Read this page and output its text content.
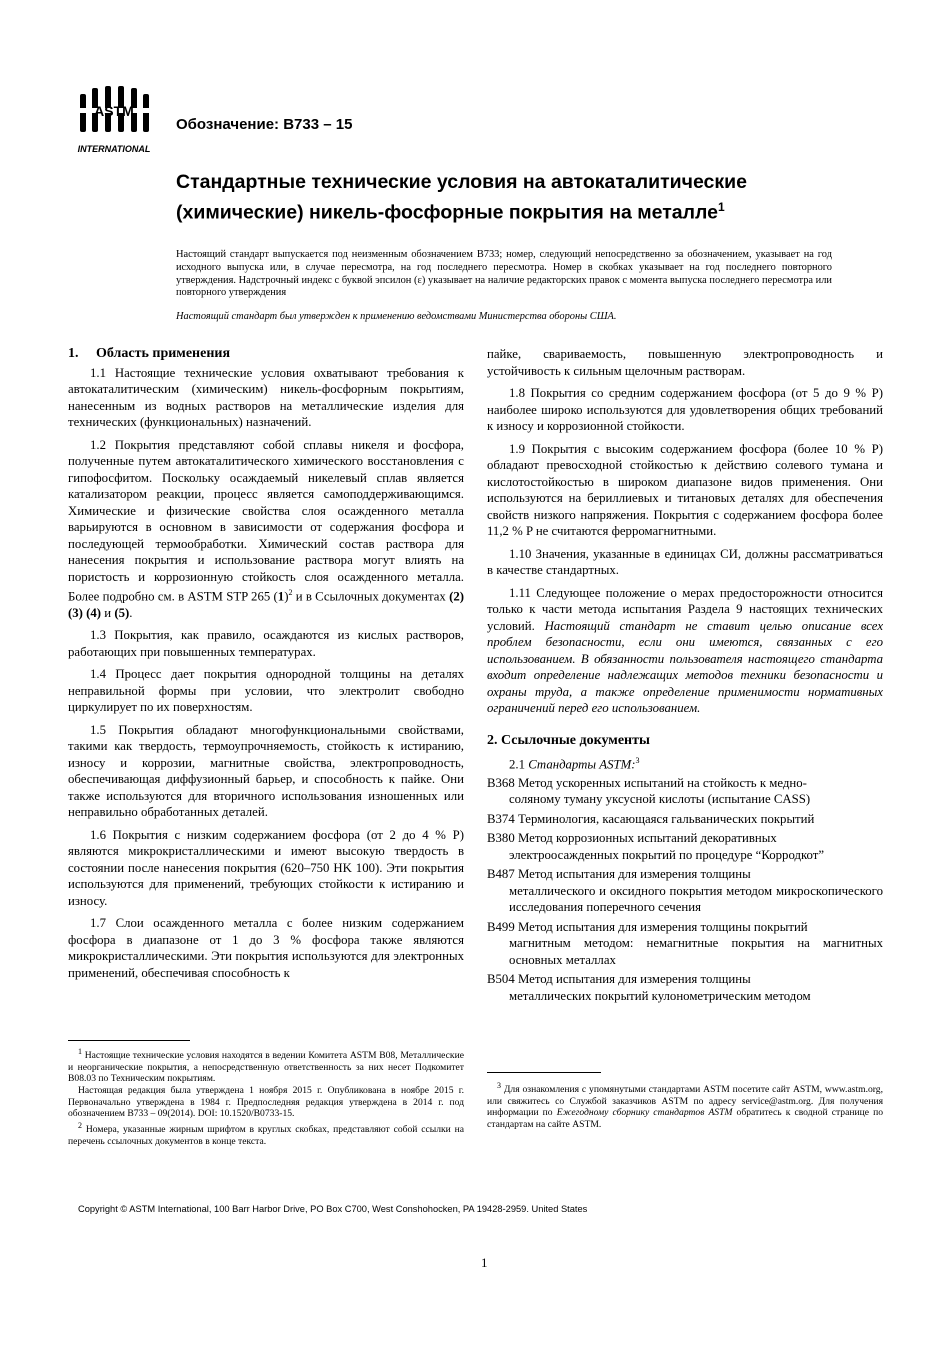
ASTM
INTERNATIONAL
Обозначение: B733 – 15
Стандартные технические условия на автокаталитические (химические) никель-фосфорные покрытия на металле$^1$
Настоящий стандарт выпускается под неизменным обозначением B733; номер, следующий непосредственно за обозначением, указывает на год исходного выпуска или, в случае пересмотра, на год последнего пересмотра. Номер в скобках указывает на год последнего повторного утверждения. Надстрочный индекс с буквой эпсилон (ε) указывает на наличие редакторских правок с момента выпуска последнего пересмотра или повторного утверждения
Настоящий стандарт был утвержден к применению ведомствами Министерства обороны США.
1. Область применения

1.1 Настоящие технические условия охватывают требования к автокаталитическим (химическим) никель-фосфорным покрытиям, нанесенным из водных растворов на металлические изделия для технических (функциональных) назначений.

1.2 Покрытия представляют собой сплавы никеля и фосфора, полученные путем автокаталитического химического восстановления с гипофосфитом. Поскольку осаждаемый никелевый сплав является катализатором реакции, процесс является самоподдерживающимся. Химические и физические свойства слоя осажденного металла варьируются в основном в зависимости от содержания фосфора и последующей термообработки. Химический состав раствора для нанесения покрытия и использование раствора могут влиять на пористость и коррозионную стойкость слоя осажденного металла. Более подробно см. в ASTM STP 265 $(1)^2$ и в Ссылочных документах (2) (3) (4) и (5).

1.3 Покрытия, как правило, осаждаются из кислых растворов, работающих при повышенных температурах.

1.4 Процесс дает покрытия однородной толщины на деталях неправильной формы при условии, что электролит свободно циркулирует по их поверхностям.

1.5 Покрытия обладают многофункциональными свойствами, такими как твердость, термоупрочняемость, стойкость к истиранию, износу и коррозии, магнитные свойства, электропроводность, обеспечивающая диффузионный барьер, и способность к пайке. Они также используются для вторичного использования изношенных или неправильно обработанных деталей.

1.6 Покрытия с низким содержанием фосфора (от 2 до 4 % P) являются микрокристаллическими и имеют высокую твердость в состоянии после нанесения покрытия (620–750 HK 100). Эти покрытия используются для применений, требующих стойкости к истиранию и износу.

1.7 Слои осажденного металла с более низким содержанием фосфора в диапазоне от 1 до 3 % фосфора также являются микрокристаллическими. Эти покрытия используются для электронных применений, обеспечивая способность к

пайке, свариваемость, повышенную электропроводность и устойчивость к сильным щелочным растворам.

1.8 Покрытия со средним содержанием фосфора (от 5 до 9 % P) наиболее широко используются для удовлетворения общих требований к износу и коррозионной стойкости.

1.9 Покрытия с высоким содержанием фосфора (более 10 % P) обладают превосходной стойкостью к действию солевого тумана и кислотостойкостью в широком диапазоне видов применения. Они используются на бериллиевых и титановых деталях для обеспечения свойств низкого напряжения. Покрытия с содержанием фосфора более 11,2 % P не считаются ферромагнитными.

1.10 Значения, указанные в единицах СИ, должны рассматриваться в качестве стандартных.

1.11 Следующее положение о мерах предосторожности относится только к части метода испытания Раздела 9 настоящих технических условий. Настоящий стандарт не ставит целью описание всех проблем безопасности, если они имеются, связанных с его использованием. В обязанности пользователя настоящего стандарта входит определение надлежащих методов техники безопасности и охраны труда, а также определение применимости нормативных ограничений перед его использованием.

2. Ссылочные документы
2.1 Стандарты ASTM:$^3$
B368 Метод ускоренных испытаний на стойкость к медно-
соляному туману уксусной кислоты (испытание CASS)
B374 Терминология, касающаяся гальванических покрытий
B380 Метод коррозионных испытаний декоративных
электроосажденных покрытий по процедуре “Корродкот”
B487 Метод испытания для измерения толщины
металлического и оксидного покрытия методом микроскопического исследования поперечного сечения
B499 Метод испытания для измерения толщины покрытий
магнитным методом: немагнитные покрытия на магнитных основных металлах
B504 Метод испытания для измерения толщины
металлических покрытий кулонометрическим методом

$^1$ Настоящие технические условия находятся в ведении Комитета ASTM B08, Металлические и неорганические покрытия, а непосредственную ответственность за них несет Подкомитет B08.03 по Техническим покрытиям.

Настоящая редакция была утверждена 1 ноября 2015 г. Опубликована в ноябре 2015 г. Первоначально утверждена в 1984 г. Предпоследняя редакция утверждена в 2014 г. под обозначением B733 – 09(2014). DOI: 10.1520/B0733-15.

$^2$ Номера, указанные жирным шрифтом в круглых скобках, представляют собой ссылки на перечень ссылочных документов в конце текста.

$^3$ Для ознакомления с упомянутыми стандартами ASTM посетите сайт ASTM, www.astm.org, или свяжитесь со Службой заказчиков ASTM по адресу service@astm.org. Для получения информации по Ежегодному сборнику стандартов ASTM обратитесь к сводной странице по стандартам на сайте ASTM.

Copyright © ASTM International, 100 Barr Harbor Drive, PO Box C700, West Conshohocken, PA 19428-2959. United States
1
